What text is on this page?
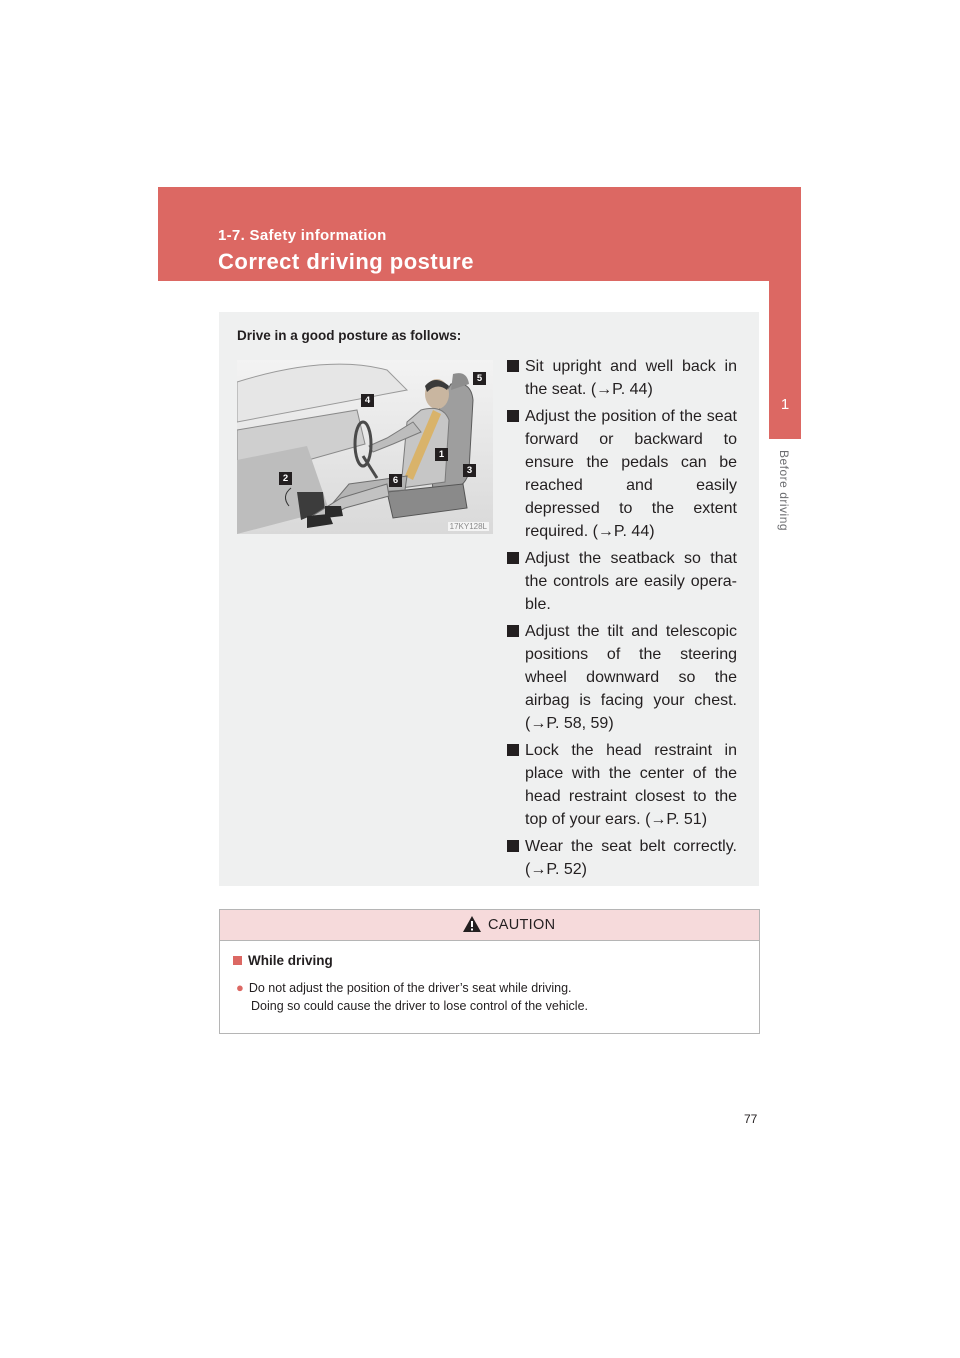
1-7. Safety information
Correct driving posture
1
Before driving
Drive in a good posture as follows:
5
4
1
3
6
2
17KY128L
Sit upright and well back in the seat. (→P. 44)
Adjust the position of the seat forward or backward to ensure the pedals can be reached and easily depressed to the extent required. (→P. 44)
Adjust the seatback so that the controls are easily opera-ble.
Adjust the tilt and telescopic positions of the steering wheel downward so the airbag is facing your chest. (→P. 58, 59)
Lock the head restraint in place with the center of the head restraint closest to the top of your ears. (→P. 51)
Wear the seat belt correctly. (→P. 52)
CAUTION
While driving
● Do not adjust the position of the driver’s seat while driving.
Doing so could cause the driver to lose control of the vehicle.
77
